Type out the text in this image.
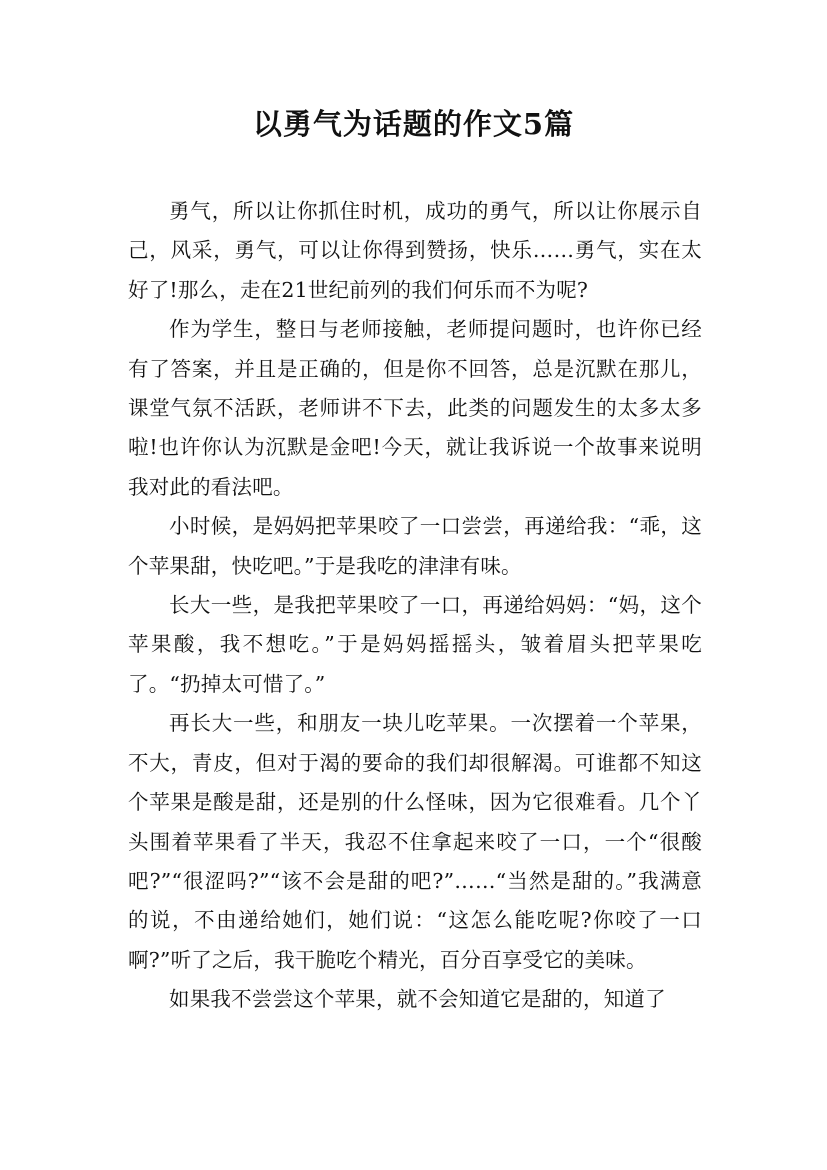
以勇气为话题的作文5篇

勇气，所以让你抓住时机，成功的勇气，所以让你展示自己，风采，勇气，可以让你得到赞扬，快乐……勇气，实在太好了!那么，走在21世纪前列的我们何乐而不为呢?

作为学生，整日与老师接触，老师提问题时，也许你已经有了答案，并且是正确的，但是你不回答，总是沉默在那儿，课堂气氛不活跃，老师讲不下去，此类的问题发生的太多太多啦!也许你认为沉默是金吧!今天，就让我诉说一个故事来说明我对此的看法吧。

小时候，是妈妈把苹果咬了一口尝尝，再递给我：“乖，这个苹果甜，快吃吧。”于是我吃的津津有味。

长大一些，是我把苹果咬了一口，再递给妈妈：“妈，这个苹果酸，我不想吃。”于是妈妈摇摇头，皱着眉头把苹果吃了。“扔掉太可惜了。”

再长大一些，和朋友一块儿吃苹果。一次摆着一个苹果，不大，青皮，但对于渴的要命的我们却很解渴。可谁都不知这个苹果是酸是甜，还是别的什么怪味，因为它很难看。几个丫头围着苹果看了半天，我忍不住拿起来咬了一口，一个“很酸吧?”“很涩吗?”“该不会是甜的吧?”……“当然是甜的。”我满意的说，不由递给她们，她们说：“这怎么能吃呢?你咬了一口啊?”听了之后，我干脆吃个精光，百分百享受它的美味。

如果我不尝尝这个苹果，就不会知道它是甜的，知道了
